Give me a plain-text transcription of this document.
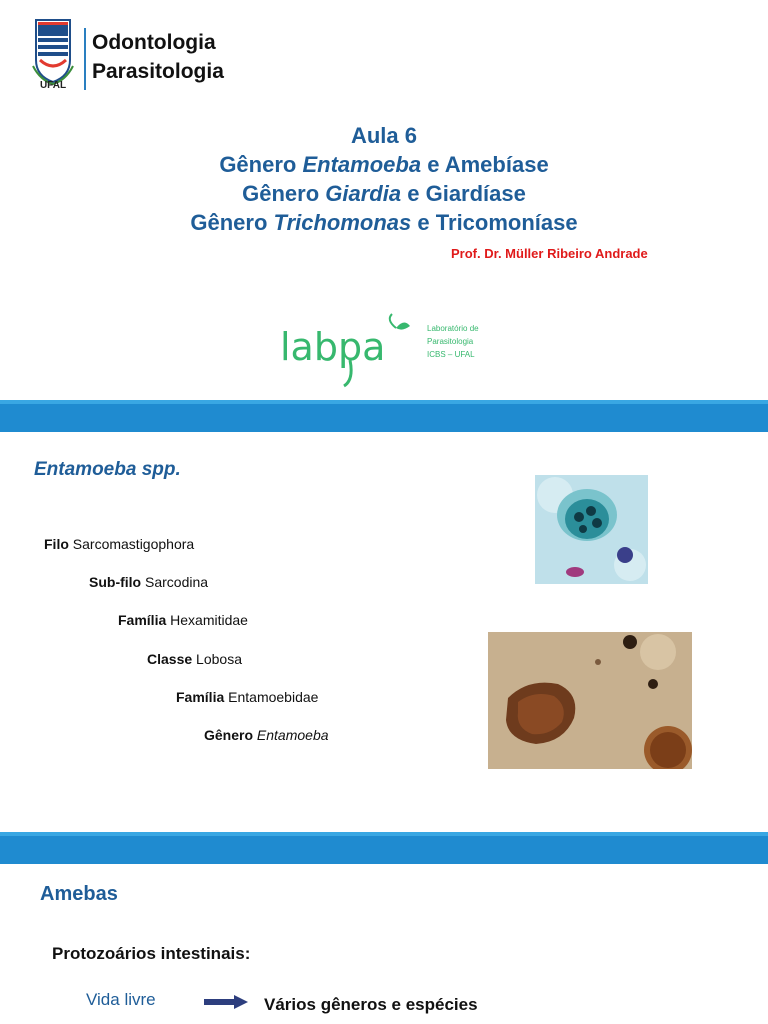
UFAL
Odontologia
Parasitologia
Aula 6
Gênero Entamoeba e Amebíase
Gênero Giardia e Giardíase
Gênero Trichomonas e Tricomoníase
Prof. Dr. Müller Ribeiro Andrade
labpa	Laboratório de
Parasitologia
ICBS – UFAL
Entamoeba spp.
Filo Sarcomastigophora
Sub-filo Sarcodina
Família Hexamitidae
Classe Lobosa
Família Entamoebidae
Gênero Entamoeba
Amebas
Protozoários intestinais:
Vida livre	Vários gêneros e espécies
